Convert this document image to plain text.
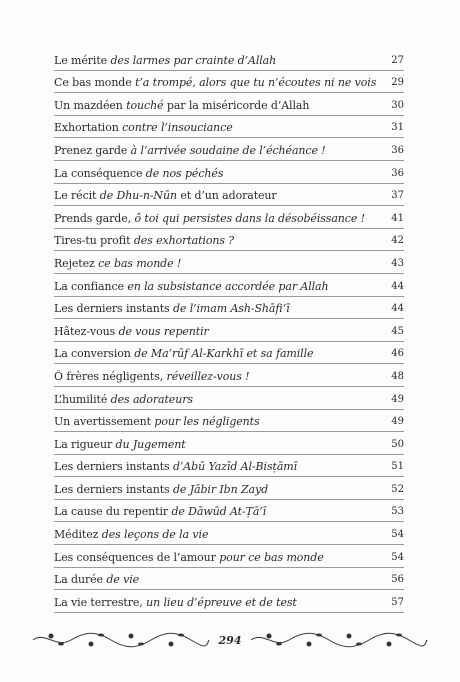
Le mérite des larmes par crainte d’Allah	27
Ce bas monde t’a trompé, alors que tu n’écoutes ni ne vois	29
Un mazdéen touché par la miséricorde d’Allah	30
Exhortation contre l’insouciance	31
Prenez garde à l’arrivée soudaine de l’échéance !	36
La conséquence de nos péchés	36
Le récit de Dhu-n-Nūn et d’un adorateur	37
Prends garde, ô toi qui persistes dans la désobéissance !	41
Tires-tu profit des exhortations ?	42
Rejetez ce bas monde !	43
La confiance en la subsistance accordée par Allah	44
Les derniers instants de l’imam Ash-Shāfi‘ī	44
Hâtez-vous de vous repentir	45
La conversion de Ma‘rūf Al-Karkhī et sa famille	46
Ô frères négligents, réveillez-vous !	48
L’humilité des adorateurs	49
Un avertissement pour les négligents	49
La rigueur du Jugement	50
Les derniers instants d’Abū Yazīd Al-Bisṭāmī	51
Les derniers instants de Jābir Ibn Zayd	52
La cause du repentir de Dāwūd At-Ṭā’ī	53
Méditez des leçons de la vie	54
Les conséquences de l’amour pour ce bas monde	54
La durée de vie	56
La vie terrestre, un lieu d’épreuve et de test	57
294
